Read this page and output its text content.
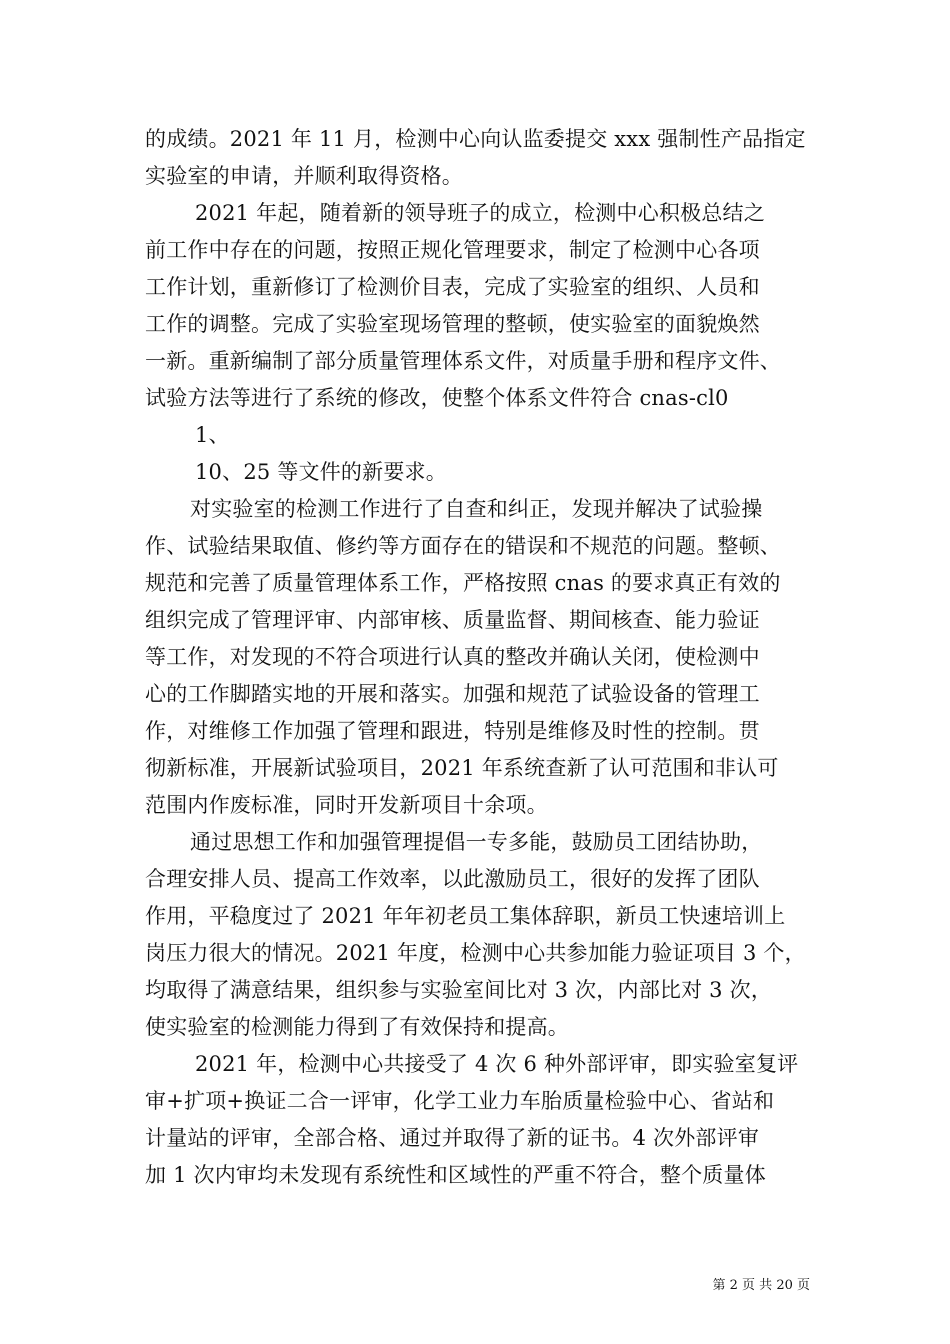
的成绩。2021 年 11 月，检测中心向认监委提交 xxx 强制性产品指定
实验室的申请，并顺利取得资格。
2021 年起，随着新的领导班子的成立，检测中心积极总结之
前工作中存在的问题，按照正规化管理要求，制定了检测中心各项
工作计划，重新修订了检测价目表，完成了实验室的组织、人员和
工作的调整。完成了实验室现场管理的整顿，使实验室的面貌焕然
一新。重新编制了部分质量管理体系文件，对质量手册和程序文件、
试验方法等进行了系统的修改，使整个体系文件符合 cnas-cl0
1、
10、25 等文件的新要求。
对实验室的检测工作进行了自查和纠正，发现并解决了试验操
作、试验结果取值、修约等方面存在的错误和不规范的问题。整顿、
规范和完善了质量管理体系工作，严格按照 cnas 的要求真正有效的
组织完成了管理评审、内部审核、质量监督、期间核查、能力验证
等工作，对发现的不符合项进行认真的整改并确认关闭，使检测中
心的工作脚踏实地的开展和落实。加强和规范了试验设备的管理工
作，对维修工作加强了管理和跟进，特别是维修及时性的控制。贯
彻新标准，开展新试验项目，2021 年系统查新了认可范围和非认可
范围内作废标准，同时开发新项目十余项。
通过思想工作和加强管理提倡一专多能，鼓励员工团结协助，
合理安排人员、提高工作效率，以此激励员工，很好的发挥了团队
作用，平稳度过了 2021 年年初老员工集体辞职，新员工快速培训上
岗压力很大的情况。2021 年度，检测中心共参加能力验证项目 3 个，
均取得了满意结果，组织参与实验室间比对 3 次，内部比对 3 次，
使实验室的检测能力得到了有效保持和提高。
2021 年，检测中心共接受了 4 次 6 种外部评审，即实验室复评
审+扩项+换证二合一评审，化学工业力车胎质量检验中心、省站和
计量站的评审，全部合格、通过并取得了新的证书。4 次外部评审
加 1 次内审均未发现有系统性和区域性的严重不符合，整个质量体
第 2 页 共 20 页
